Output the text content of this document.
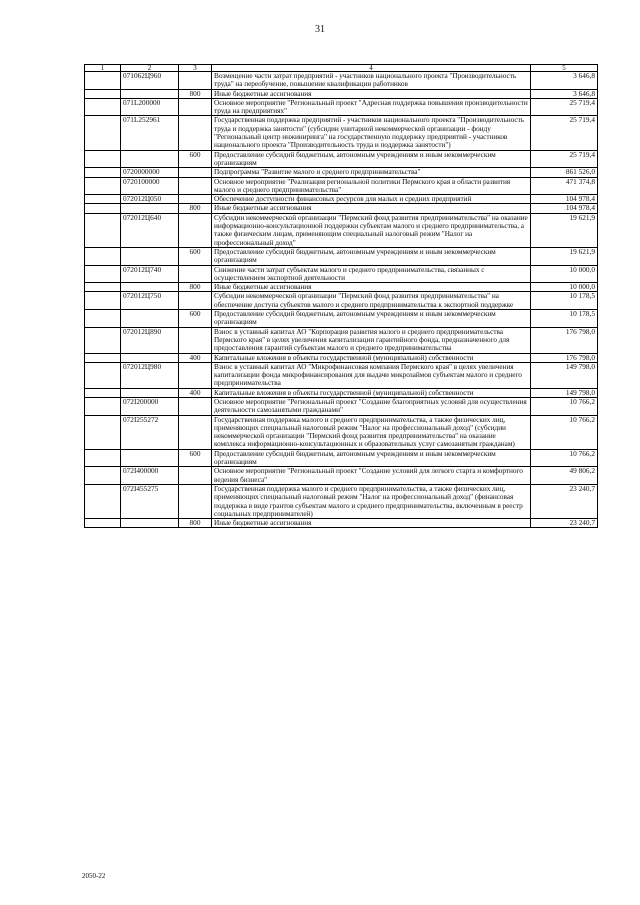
31
1	2	3	4	5
	071062Ц960		Возмещение части затрат предприятий - участников национального проекта "Производительность труда" на переобучение, повышение квалификации работников	3 646,8
		800	Иные бюджетные ассигнования	3 646,8
	071L200000		Основное мероприятие "Региональный проект "Адресная поддержка повышения производительности труда на предприятиях"	25 719,4
	071L252961		Государственная поддержка предприятий - участников национального проекта "Производительность труда и поддержка занятости" (субсидии унитарной некоммерческой организации - фонду "Региональный центр инжиниринга" на государственную поддержку предприятий - участников национального проекта "Производительность труда и поддержка занятости")	25 719,4
		600	Предоставление субсидий бюджетным, автономным учреждениям и иным некоммерческим организациям	25 719,4
	0720000000		Подпрограмма "Развитие малого и среднего предпринимательства"	861 526,0
	0720100000		Основное мероприятие "Реализация региональной политики Пермского края в области развития малого и среднего предпринимательства"	471 374,8
	072012Ц050		Обеспечение доступности финансовых ресурсов для малых и средних предприятий	104 978,4
		800	Иные бюджетные ассигнования	104 978,4
	072012Ц640		Субсидии некоммерческой организации "Пермский фонд развития предпринимательства" на оказание информационно-консультационной поддержки субъектам малого и среднего предпринимательства, а также физическим лицам, применяющим специальный налоговый режим "Налог на профессиональный доход"	19 621,9
		600	Предоставление субсидий бюджетным, автономным учреждениям и иным некоммерческим организациям	19 621,9
	072012Ц740		Снижение части затрат субъектам малого и среднего предпринимательства, связанных с осуществлением экспортной деятельности	10 000,0
		800	Иные бюджетные ассигнования	10 000,0
	072012Ц750		Субсидии некоммерческой организации "Пермский фонд развития предпринимательства" на обеспечение доступа субъектов малого и среднего предпринимательства к экспортной поддержке	10 178,5
		600	Предоставление субсидий бюджетным, автономным учреждениям и иным некоммерческим организациям	10 178,5
	072012Ц890		Взнос в уставный капитал АО "Корпорация развития малого и среднего предпринимательства Пермского края" в целях увеличения капитализации гарантийного фонда, предназначенного для предоставления гарантий субъектам малого и среднего предпринимательства	176 798,0
		400	Капитальные вложения в объекты государственной (муниципальной) собственности	176 798,0
	072012Ц980		Взнос в уставный капитал АО "Микрофинансовая компания Пермского края" в целях увеличения капитализации фонда микрофинансирования для выдачи микрозаймов субъектам малого и среднего предпринимательства	149 798,0
		400	Капитальные вложения в объекты государственной (муниципальной) собственности	149 798,0
	072I200000		Основное мероприятие "Региональный проект "Создание благоприятных условий для осуществления деятельности самозанятыми гражданами"	10 766,2
	072I255272		Государственная поддержка малого и среднего предпринимательства, а также физических лиц, применяющих специальный налоговый режим "Налог на профессиональный доход" (субсидии некоммерческой организации "Пермский фонд развития предпринимательства" на оказание комплекса информационно-консультационных и образовательных услуг самозанятым гражданам)	10 766,2
		600	Предоставление субсидий бюджетным, автономным учреждениям и иным некоммерческим организациям	10 766,2
	072I400000		Основное мероприятие "Региональный проект "Создание условий для легкого старта и комфортного ведения бизнеса"	49 806,2
	072I455275		Государственная поддержка малого и среднего предпринимательства, а также физических лиц, применяющих специальный налоговый режим "Налог на профессиональный доход" (финансовая поддержка в виде грантов субъектам малого и среднего предпринимательства, включенным в реестр социальных предпринимателей)	23 240,7
		800	Иные бюджетные ассигнования	23 240,7
2050-22
